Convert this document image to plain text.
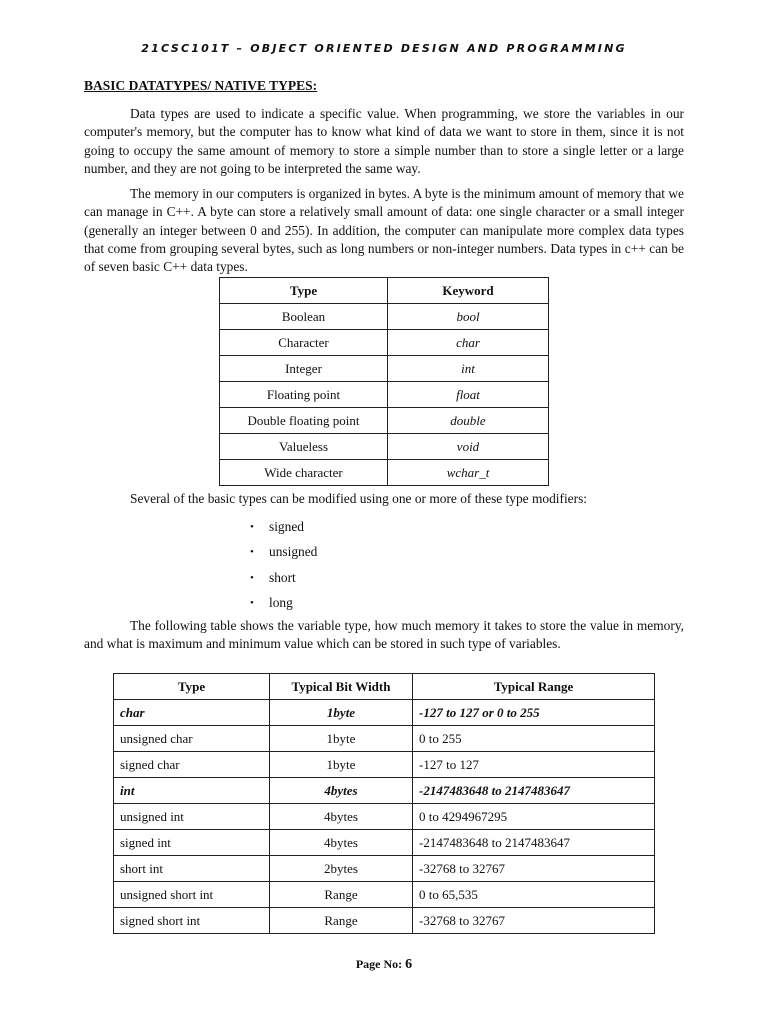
21CSC101T – OBJECT ORIENTED DESIGN AND PROGRAMMING
BASIC DATATYPES/ NATIVE TYPES:

Data types are used to indicate a specific value. When programming, we store the variables in our computer's memory, but the computer has to know what kind of data we want to store in them, since it is not going to occupy the same amount of memory to store a simple number than to store a single letter or a large number, and they are not going to be interpreted the same way.

The memory in our computers is organized in bytes. A byte is the minimum amount of memory that we can manage in C++. A byte can store a relatively small amount of data: one single character or a small integer (generally an integer between 0 and 255). In addition, the computer can manipulate more complex data types that come from grouping several bytes, such as long numbers or non-integer numbers. Data types in c++ can be of seven basic C++ data types.

Type	Keyword
Boolean	bool
Character	char
Integer	int
Floating point	float
Double floating point	double
Valueless	void
Wide character	wchar_t
Several of the basic types can be modified using one or more of these type modifiers:
•	signed
•	unsigned
•	short
•	long

The following table shows the variable type, how much memory it takes to store the value in memory, and what is maximum and minimum value which can be stored in such type of variables.

Type	Typical Bit Width	Typical Range
char	1byte	-127 to 127 or 0 to 255
unsigned char	1byte	0 to 255
signed char	1byte	-127 to 127
int	4bytes	-2147483648 to 2147483647
unsigned int	4bytes	0 to 4294967295
signed int	4bytes	-2147483648 to 2147483647
short int	2bytes	-32768 to 32767
unsigned short int	Range	0 to 65,535
signed short int	Range	-32768 to 32767
Page No: 6
